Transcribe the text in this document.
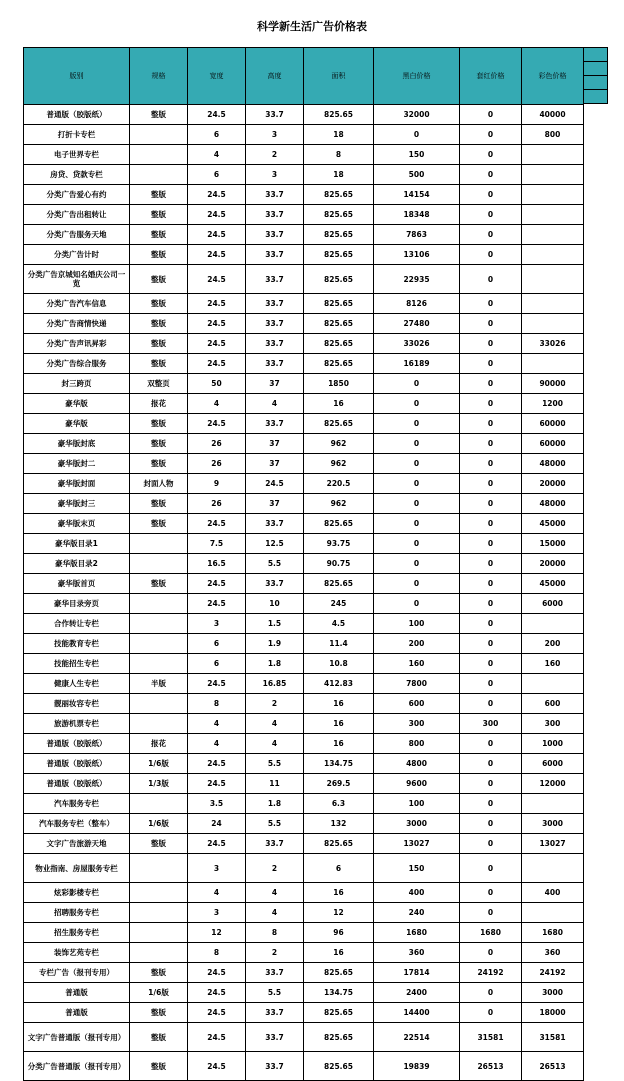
科学新生活广告价格表
版别	规格	宽度	高度	面积	黑白价格	套红价格	彩色价格
普通版（胶版纸）	整版	24.5	33.7	825.65	32000	0	40000
打折卡专栏		6	3	18	0	0	800
电子世界专栏		4	2	8	150	0	
房贷、贷款专栏		6	3	18	500	0	
分类广告爱心有约	整版	24.5	33.7	825.65	14154	0	
分类广告出租转让	整版	24.5	33.7	825.65	18348	0	
分类广告服务天地	整版	24.5	33.7	825.65	7863	0	
分类广告计时	整版	24.5	33.7	825.65	13106	0	
分类广告京城知名婚庆公司一览	整版	24.5	33.7	825.65	22935	0	
分类广告汽车信息	整版	24.5	33.7	825.65	8126	0	
分类广告商情快递	整版	24.5	33.7	825.65	27480	0	
分类广告声讯昇彩	整版	24.5	33.7	825.65	33026	0	33026
分类广告综合服务	整版	24.5	33.7	825.65	16189	0	
封三跨页	双整页	50	37	1850	0	0	90000
豪华版	报花	4	4	16	0	0	1200
豪华版	整版	24.5	33.7	825.65	0	0	60000
豪华版封底	整版	26	37	962	0	0	60000
豪华版封二	整版	26	37	962	0	0	48000
豪华版封面	封面人物	9	24.5	220.5	0	0	20000
豪华版封三	整版	26	37	962	0	0	48000
豪华版末页	整版	24.5	33.7	825.65	0	0	45000
豪华版目录1		7.5	12.5	93.75	0	0	15000
豪华版目录2		16.5	5.5	90.75	0	0	20000
豪华版首页	整版	24.5	33.7	825.65	0	0	45000
豪华目录旁页		24.5	10	245	0	0	6000
合作转让专栏		3	1.5	4.5	100	0	
技能教育专栏		6	1.9	11.4	200	0	200
技能招生专栏		6	1.8	10.8	160	0	160
健康人生专栏	半版	24.5	16.85	412.83	7800	0	
靓丽妆容专栏		8	2	16	600	0	600
旅游机票专栏		4	4	16	300	300	300
普通版（胶版纸）	报花	4	4	16	800	0	1000
普通版（胶版纸）	1/6版	24.5	5.5	134.75	4800	0	6000
普通版（胶版纸）	1/3版	24.5	11	269.5	9600	0	12000
汽车服务专栏		3.5	1.8	6.3	100	0	
汽车服务专栏（整车）	1/6版	24	5.5	132	3000	0	3000
文字广告旅游天地	整版	24.5	33.7	825.65	13027	0	13027
物业指南、房屋服务专栏		3	2	6	150	0	
炫彩影楼专栏		4	4	16	400	0	400
招聘服务专栏		3	4	12	240	0	
招生服务专栏		12	8	96	1680	1680	1680
装饰艺苑专栏		8	2	16	360	0	360
专栏广告（报刊专用）	整版	24.5	33.7	825.65	17814	24192	24192
普通版	1/6版	24.5	5.5	134.75	2400	0	3000
普通版	整版	24.5	33.7	825.65	14400	0	18000
文字广告普通版（报刊专用）	整版	24.5	33.7	825.65	22514	31581	31581
分类广告普通版（报刊专用）	整版	24.5	33.7	825.65	19839	26513	26513
